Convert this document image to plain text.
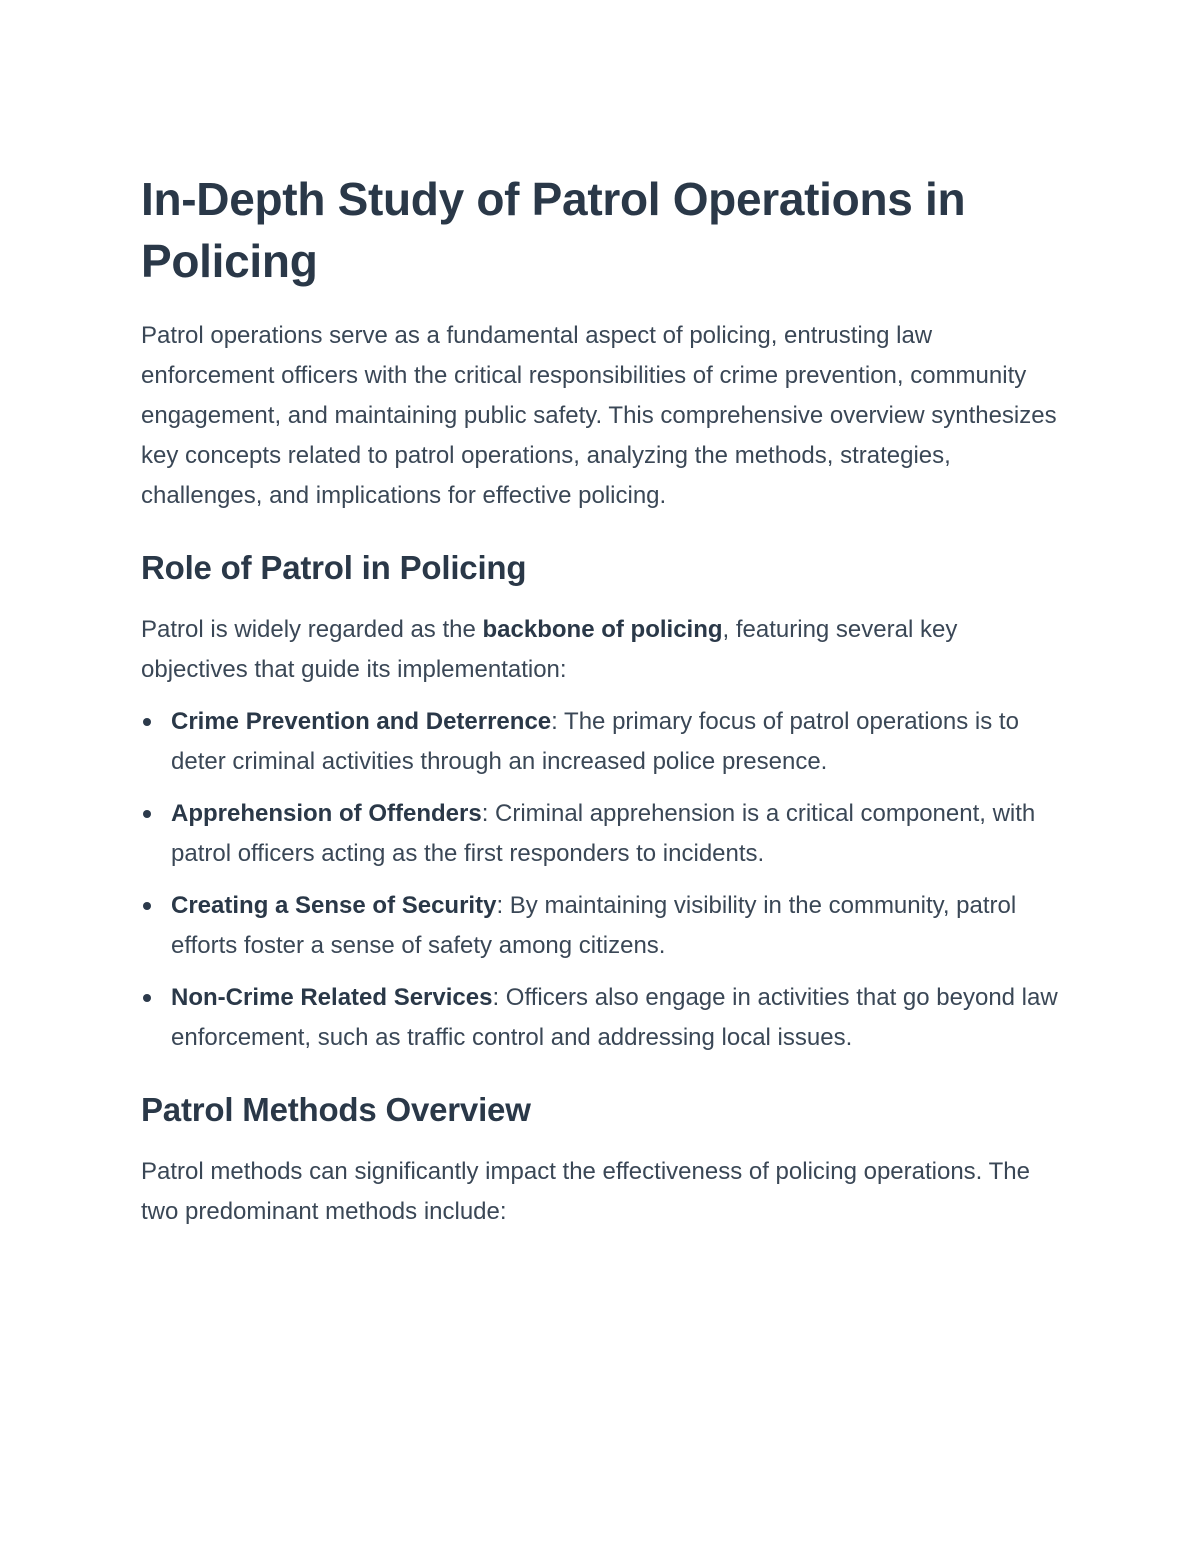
In-Depth Study of Patrol Operations in Policing

Patrol operations serve as a fundamental aspect of policing, entrusting law enforcement officers with the critical responsibilities of crime prevention, community engagement, and maintaining public safety. This comprehensive overview synthesizes key concepts related to patrol operations, analyzing the methods, strategies, challenges, and implications for effective policing.

Role of Patrol in Policing

Patrol is widely regarded as the backbone of policing, featuring several key objectives that guide its implementation:

Crime Prevention and Deterrence: The primary focus of patrol operations is to deter criminal activities through an increased police presence.
Apprehension of Offenders: Criminal apprehension is a critical component, with patrol officers acting as the first responders to incidents.
Creating a Sense of Security: By maintaining visibility in the community, patrol efforts foster a sense of safety among citizens.
Non-Crime Related Services: Officers also engage in activities that go beyond law enforcement, such as traffic control and addressing local issues.
Patrol Methods Overview

Patrol methods can significantly impact the effectiveness of policing operations. The two predominant methods include:
